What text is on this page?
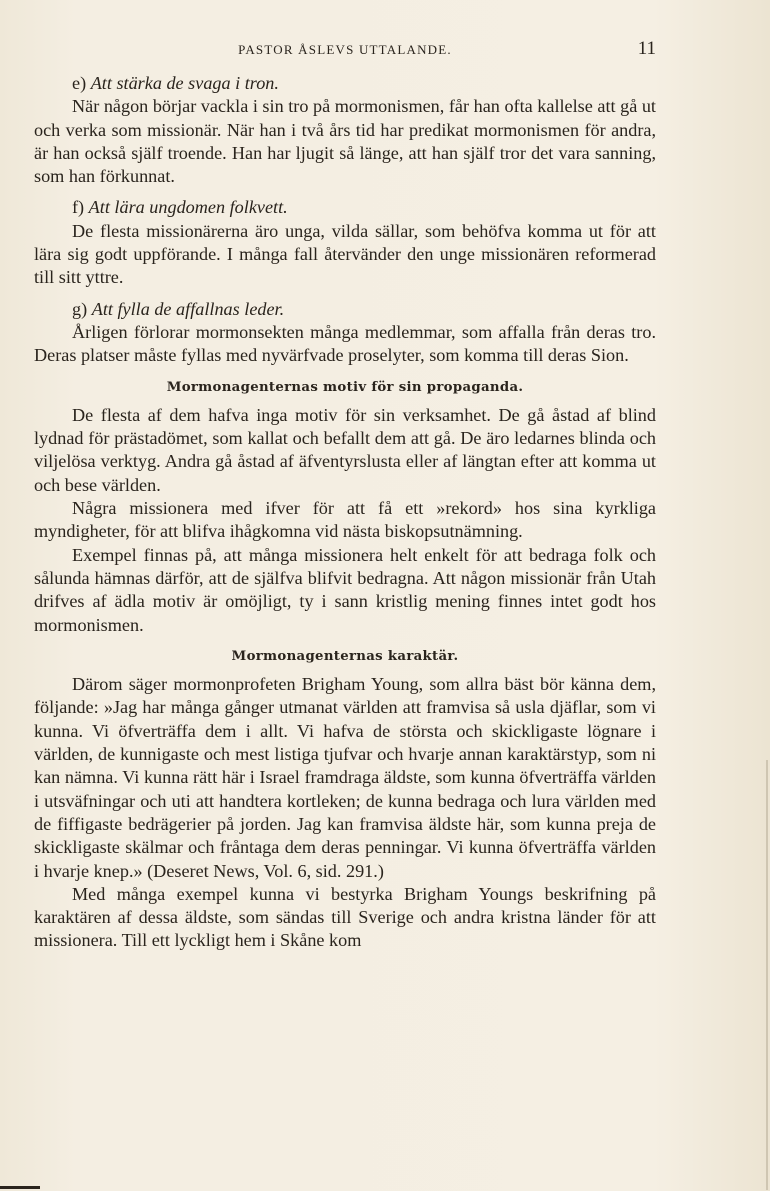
PASTOR ÅSLEVS UTTALANDE.	11

e) Att stärka de svaga i tron.

När någon börjar vackla i sin tro på mormonismen, får han ofta kallelse att gå ut och verka som missionär. När han i två års tid har predikat mormonismen för andra, är han också själf troende. Han har ljugit så länge, att han själf tror det vara sanning, som han förkunnat.

f) Att lära ungdomen folkvett.

De flesta missionärerna äro unga, vilda sällar, som behöfva komma ut för att lära sig godt uppförande. I många fall återvänder den unge missionären reformerad till sitt yttre.

g) Att fylla de affallnas leder.

Årligen förlorar mormonsekten många medlemmar, som affalla från deras tro. Deras platser måste fyllas med nyvärfvade proselyter, som komma till deras Sion.

Mormonagenternas motiv för sin propaganda.

De flesta af dem hafva inga motiv för sin verksamhet. De gå åstad af blind lydnad för prästadömet, som kallat och befallt dem att gå. De äro ledarnes blinda och viljelösa verktyg. Andra gå åstad af äfventyrslusta eller af längtan efter att komma ut och bese världen.

Några missionera med ifver för att få ett »rekord» hos sina kyrkliga myndigheter, för att blifva ihågkomna vid nästa biskopsutnämning.

Exempel finnas på, att många missionera helt enkelt för att bedraga folk och sålunda hämnas därför, att de själfva blifvit bedragna. Att någon missionär från Utah drifves af ädla motiv är omöjligt, ty i sann kristlig mening finnes intet godt hos mormonismen.

Mormonagenternas karaktär.

Därom säger mormonprofeten Brigham Young, som allra bäst bör känna dem, följande: »Jag har många gånger utmanat världen att framvisa så usla djäflar, som vi kunna. Vi öfverträffa dem i allt. Vi hafva de största och skickligaste lögnare i världen, de kunnigaste och mest listiga tjufvar och hvarje annan karaktärstyp, som ni kan nämna. Vi kunna rätt här i Israel framdraga äldste, som kunna öfverträffa världen i utsväfningar och uti att handtera kortleken; de kunna bedraga och lura världen med de fiffigaste bedrägerier på jorden. Jag kan framvisa äldste här, som kunna preja de skickligaste skälmar och fråntaga dem deras penningar. Vi kunna öfverträffa världen i hvarje knep.» (Deseret News, Vol. 6, sid. 291.)

Med många exempel kunna vi bestyrka Brigham Youngs beskrifning på karaktären af dessa äldste, som sändas till Sverige och andra kristna länder för att missionera. Till ett lyckligt hem i Skåne kom
